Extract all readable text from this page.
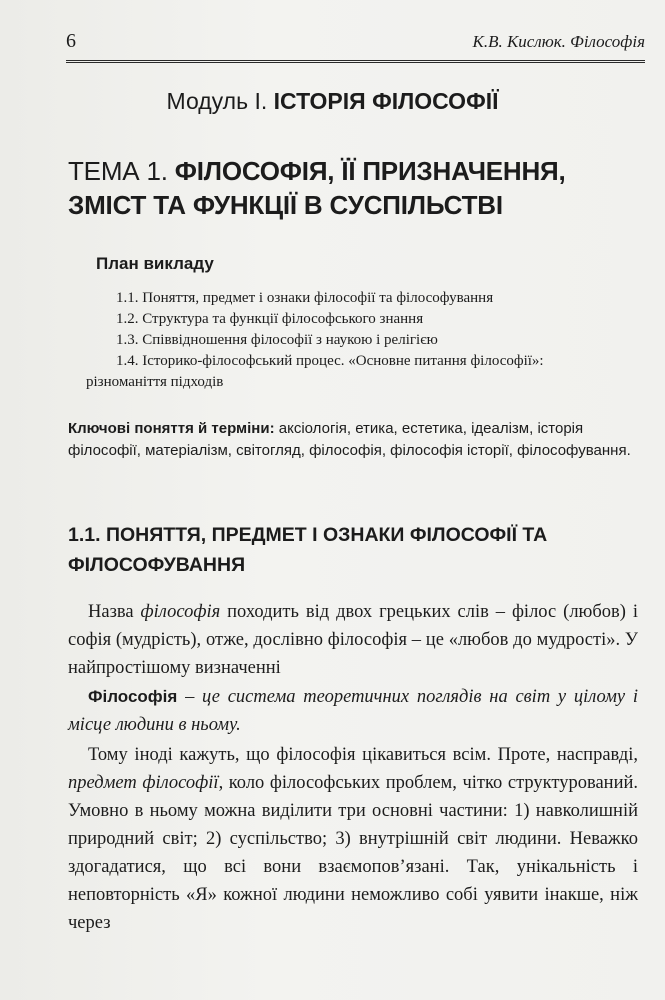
6	К.В. Кислюк. Філософія
Модуль І. ІСТОРІЯ ФІЛОСОФІЇ
ТЕМА 1. ФІЛОСОФІЯ, ЇЇ ПРИЗНАЧЕННЯ,
ЗМІСТ ТА ФУНКЦІЇ В СУСПІЛЬСТВІ
План викладу
1.1. Поняття, предмет і ознаки філософії та філософування
1.2. Структура та функції філософського знання
1.3. Співвідношення філософії з наукою і релігією
1.4. Історико-філософський процес. «Основне питання філософії»:
різноманіття підходів
Ключові поняття й терміни: аксіологія, етика, естетика, ідеалізм, історія філософії, матеріалізм, світогляд, філософія, філософія історії, філософування.
1.1. ПОНЯТТЯ, ПРЕДМЕТ І ОЗНАКИ ФІЛОСОФІЇ ТА
ФІЛОСОФУВАННЯ
Назва філософія походить від двох грецьких слів – філос (любов) і софія (мудрість), отже, дослівно філософія – це «любов до мудрості». У найпростішому визначенні
Філософія – це система теоретичних поглядів на світ у цілому і місце людини в ньому.
Тому іноді кажуть, що філософія цікавиться всім. Проте, насправді, предмет філософії, коло філософських проблем, чітко структурований. Умовно в ньому можна виділити три основні частини: 1) навколишній природний світ; 2) суспільство; 3) внутрішній світ людини. Неважко здогадатися, що всі вони взаємопов’язані. Так, унікальність і неповторність «Я» кожної людини неможливо собі уявити інакше, ніж через
